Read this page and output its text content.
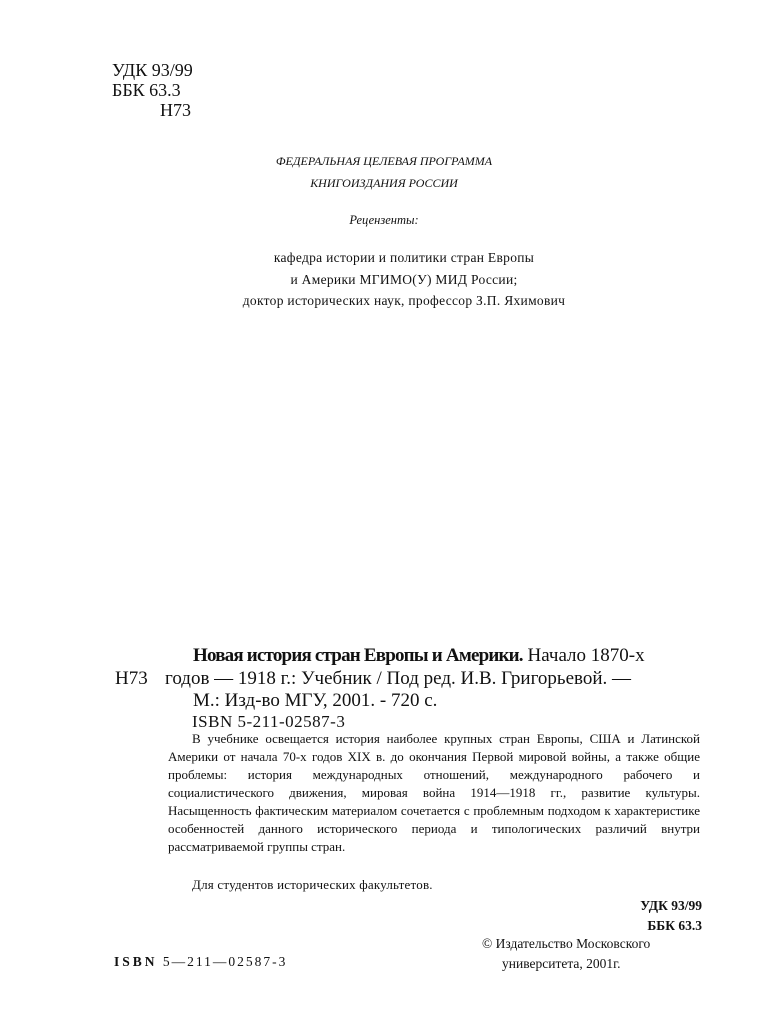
УДК 93/99
ББК 63.3
Н73
ФЕДЕРАЛЬНАЯ ЦЕЛЕВАЯ ПРОГРАММА
КНИГОИЗДАНИЯ РОССИИ
Рецензенты:
кафедра истории и политики стран Европы
и Америки МГИМО(У) МИД России;
доктор исторических наук, профессор З.П. Яхимович
Новая история стран Европы и Америки. Начало 1870-х
Н73 годов — 1918 г.: Учебник / Под ред. И.В. Григорьевой. —
М.: Изд-во МГУ, 2001. - 720 с.
ISBN 5-211-02587-3

В учебнике освещается история наиболее крупных стран Европы, США и Латинской Америки от начала 70-х годов XIX в. до окончания Первой мировой войны, а также общие проблемы: история международных отношений, международного рабочего и социалистического движения, мировая война 1914—1918 гг., развитие культуры. Насыщенность фактическим материалом сочетается с проблемным подходом к характеристике особенностей данного исторического периода и типологических различий внутри рассматриваемой группы стран.

Для студентов исторических факультетов.
УДК 93/99
ББК 63.3
© Издательство Московского
университета, 2001г.
ISBN 5—211—02587-3
